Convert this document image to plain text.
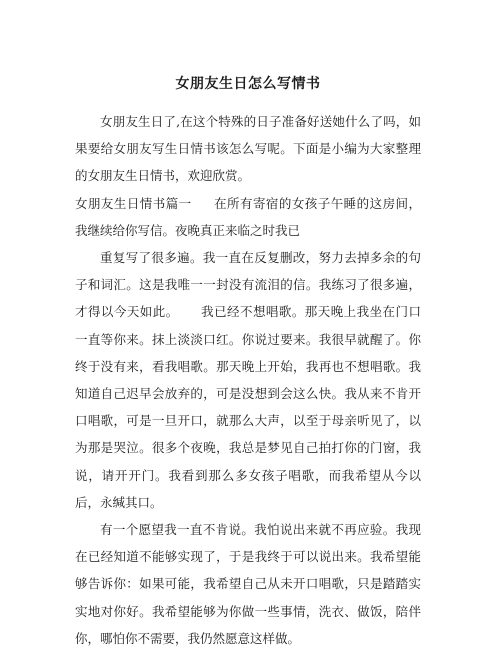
女朋友生日怎么写情书

女朋友生日了,在这个特殊的日子准备好送她什么了吗，如果要给女朋友写生日情书该怎么写呢。下面是小编为大家整理的女朋友生日情书，欢迎欣赏。

女朋友生日情书篇一 在所有寄宿的女孩子午睡的这房间，我继续给你写信。夜晚真正来临之时我已

重复写了很多遍。我一直在反复删改，努力去掉多余的句子和词汇。这是我唯一一封没有流泪的信。我练习了很多遍，才得以今天如此。 我已经不想唱歌。那天晚上我坐在门口一直等你来。抹上淡淡口红。你说过要来。我很早就醒了。你终于没有来，看我唱歌。那天晚上开始，我再也不想唱歌。我知道自己迟早会放弃的，可是没想到会这么快。我从来不肯开口唱歌，可是一旦开口，就那么大声，以至于母亲听见了，以为那是哭泣。很多个夜晚，我总是梦见自己拍打你的门窗，我说，请开开门。我看到那么多女孩子唱歌，而我希望从今以后，永缄其口。

有一个愿望我一直不肯说。我怕说出来就不再应验。我现在已经知道不能够实现了，于是我终于可以说出来。我希望能够告诉你：如果可能，我希望自己从未开口唱歌，只是踏踏实实地对你好。我希望能够为你做一些事情，洗衣、做饭，陪伴你，哪怕你不需要，我仍然愿意这样做。
